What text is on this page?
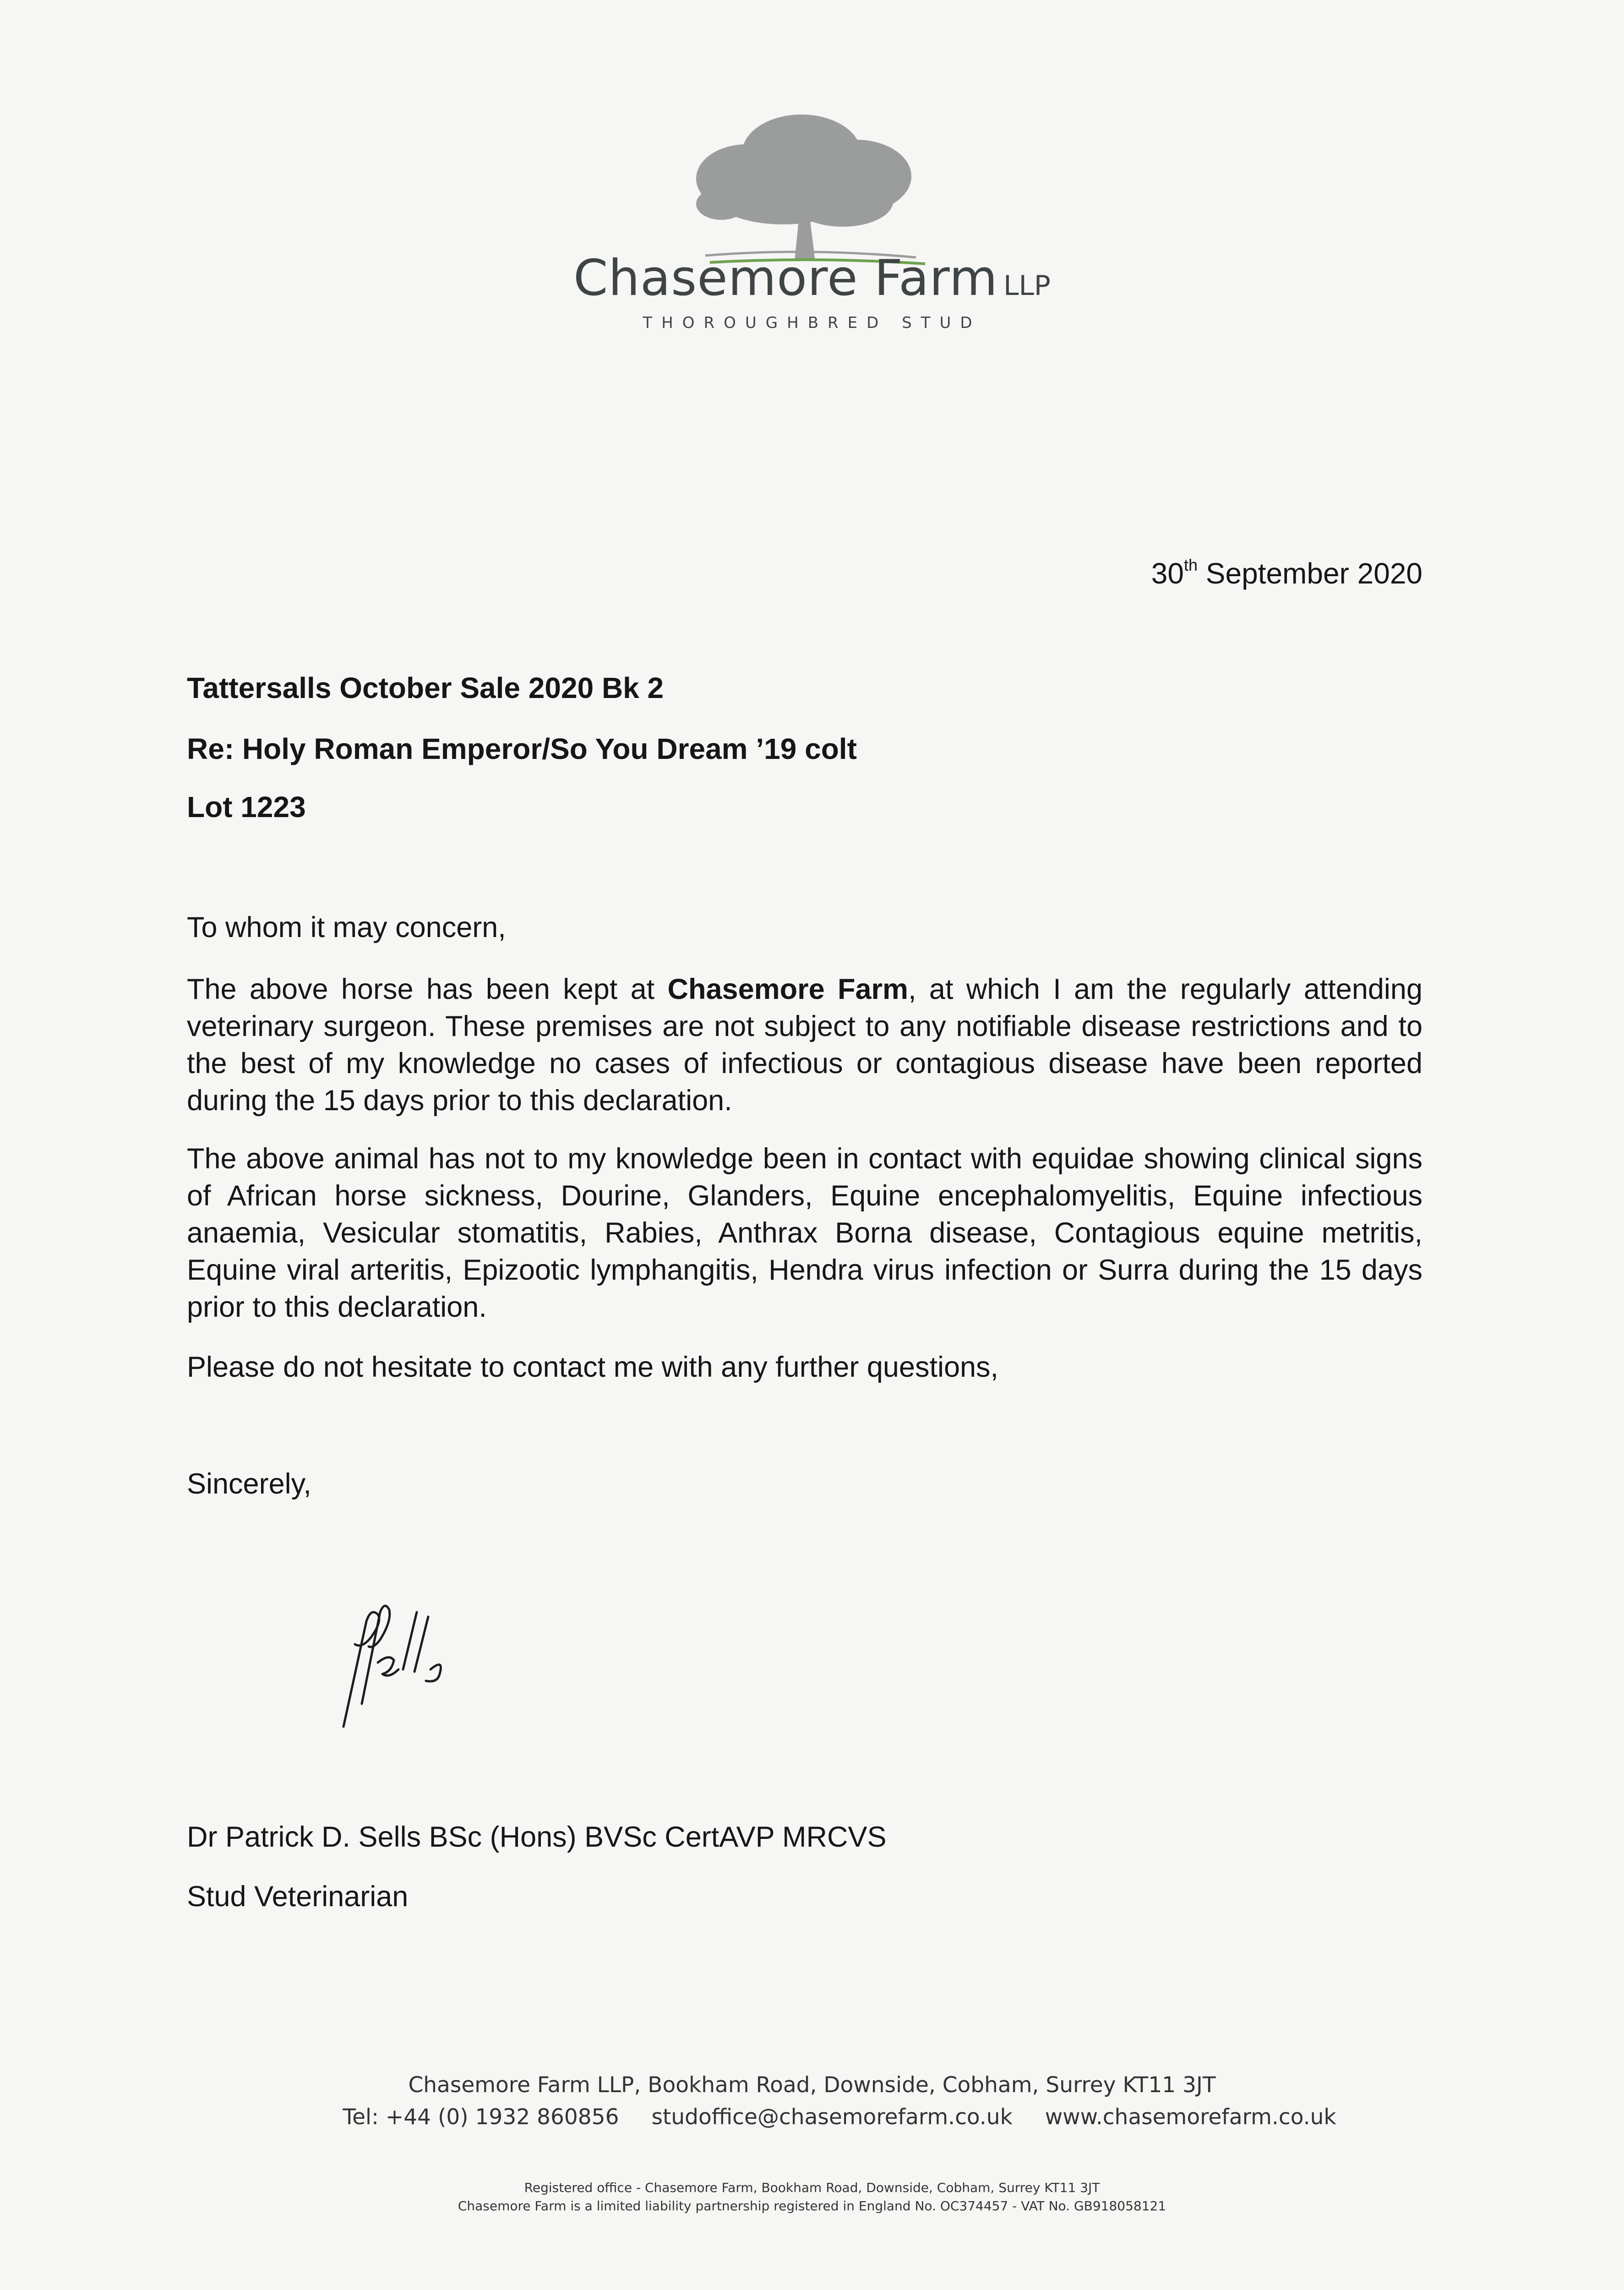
Chasemore Farm LLP
THOROUGHBRED STUD
30th September 2020
Tattersalls October Sale 2020 Bk 2
Re: Holy Roman Emperor/So You Dream ’19 colt
Lot 1223
To whom it may concern,
The above horse has been kept at Chasemore Farm, at which I am the regularly attending veterinary surgeon. These premises are not subject to any notifiable disease restrictions and to the best of my knowledge no cases of infectious or contagious disease have been reported during the 15 days prior to this declaration.
The above animal has not to my knowledge been in contact with equidae showing clinical signs of African horse sickness, Dourine, Glanders, Equine encephalomyelitis, Equine infectious anaemia, Vesicular stomatitis, Rabies, Anthrax Borna disease, Contagious equine metritis, Equine viral arteritis, Epizootic lymphangitis, Hendra virus infection or Surra during the 15 days prior to this declaration.
Please do not hesitate to contact me with any further questions,
Sincerely,
Dr Patrick D. Sells BSc (Hons) BVSc CertAVP MRCVS
Stud Veterinarian
Chasemore Farm LLP, Bookham Road, Downside, Cobham, Surrey KT11 3JT
Tel: +44 (0) 1932 860856 studoffice@chasemorefarm.co.uk www.chasemorefarm.co.uk
Registered office - Chasemore Farm, Bookham Road, Downside, Cobham, Surrey KT11 3JT
Chasemore Farm is a limited liability partnership registered in England No. OC374457 - VAT No. GB918058121
